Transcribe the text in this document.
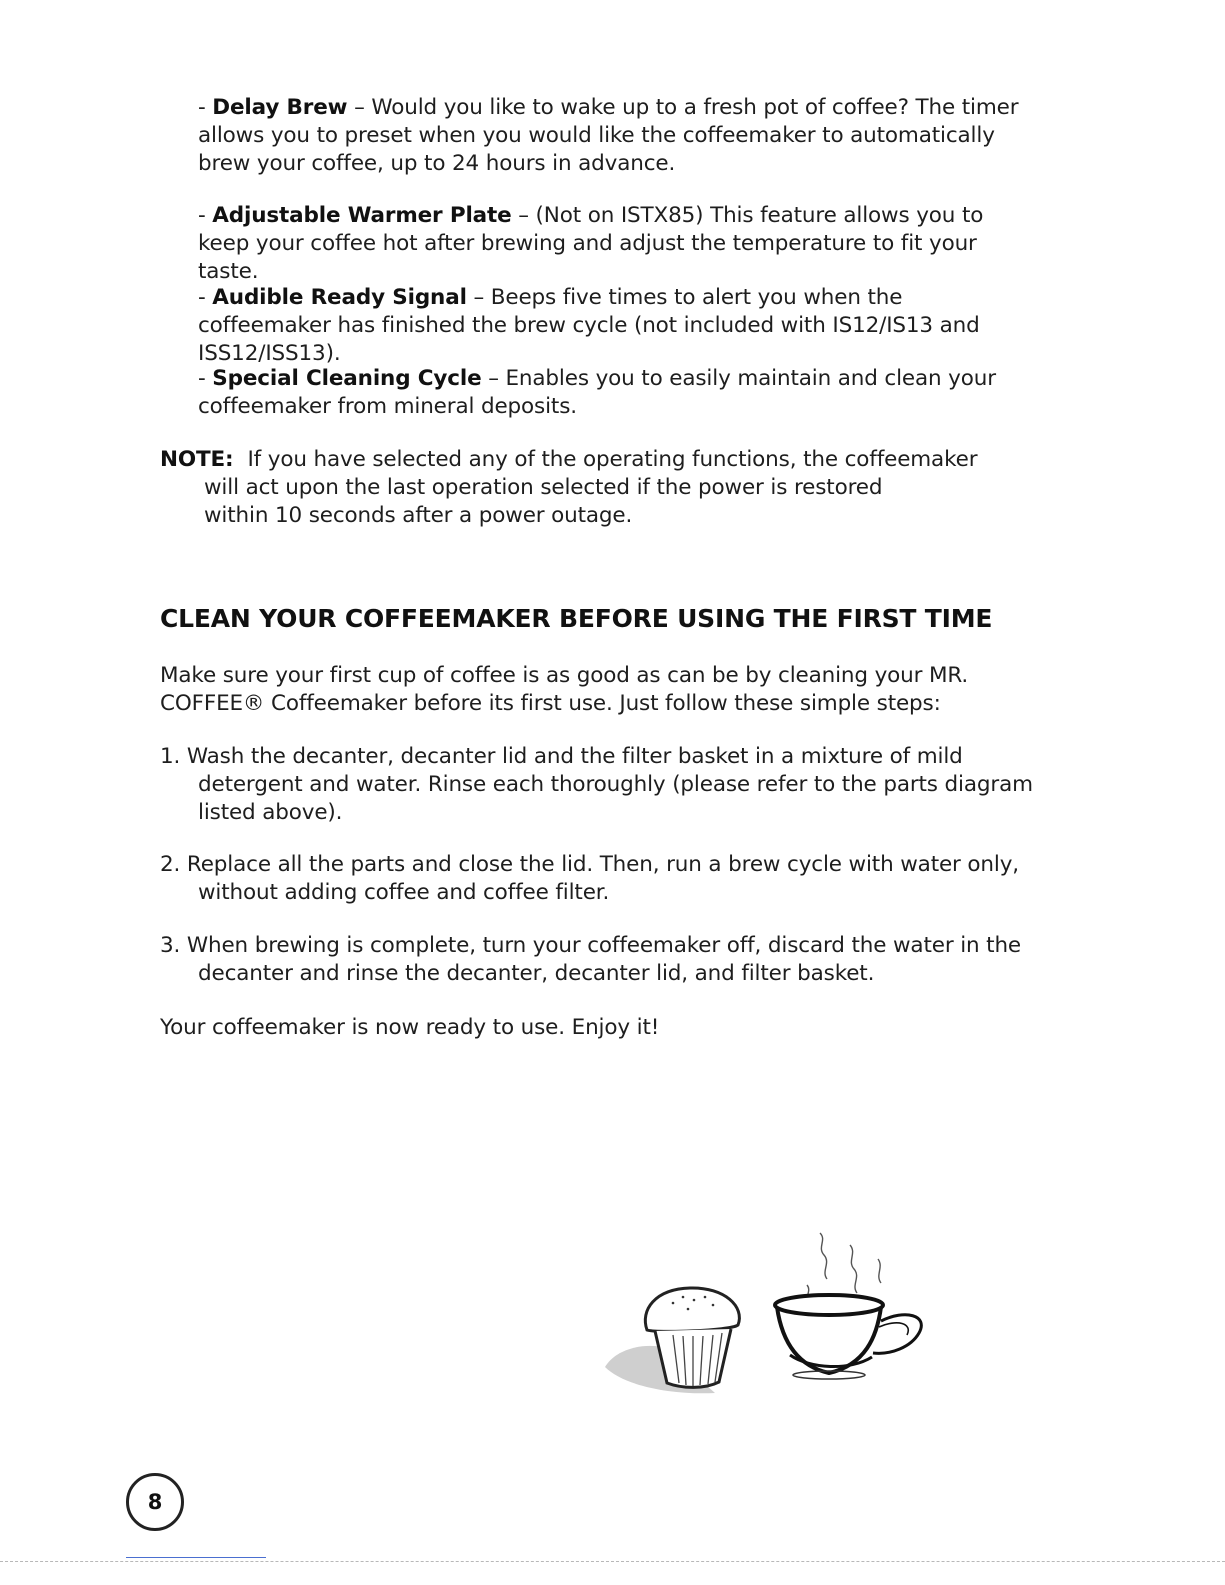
- Delay Brew – Would you like to wake up to a fresh pot of coffee? The timer allows you to preset when you would like the coffeemaker to automatically brew your coffee, up to 24 hours in advance.
- Adjustable Warmer Plate – (Not on ISTX85) This feature allows you to keep your coffee hot after brewing and adjust the temperature to fit your taste.
- Audible Ready Signal – Beeps five times to alert you when the coffeemaker has finished the brew cycle (not included with IS12/IS13 and ISS12/ISS13).
- Special Cleaning Cycle – Enables you to easily maintain and clean your coffeemaker from mineral deposits.
NOTE: If you have selected any of the operating functions, the coffeemaker
will act upon the last operation selected if the power is restored
within 10 seconds after a power outage.
CLEAN YOUR COFFEEMAKER BEFORE USING THE FIRST TIME
Make sure your first cup of coffee is as good as can be by cleaning your MR.
COFFEE® Coffeemaker before its first use. Just follow these simple steps:
1. Wash the decanter, decanter lid and the filter basket in a mixture of mild
detergent and water. Rinse each thoroughly (please refer to the parts diagram listed above).
2. Replace all the parts and close the lid. Then, run a brew cycle with water only,
without adding coffee and coffee filter.
3. When brewing is complete, turn your coffeemaker off, discard the water in the
decanter and rinse the decanter, decanter lid, and filter basket.

Your coffeemaker is now ready to use. Enjoy it!

8
